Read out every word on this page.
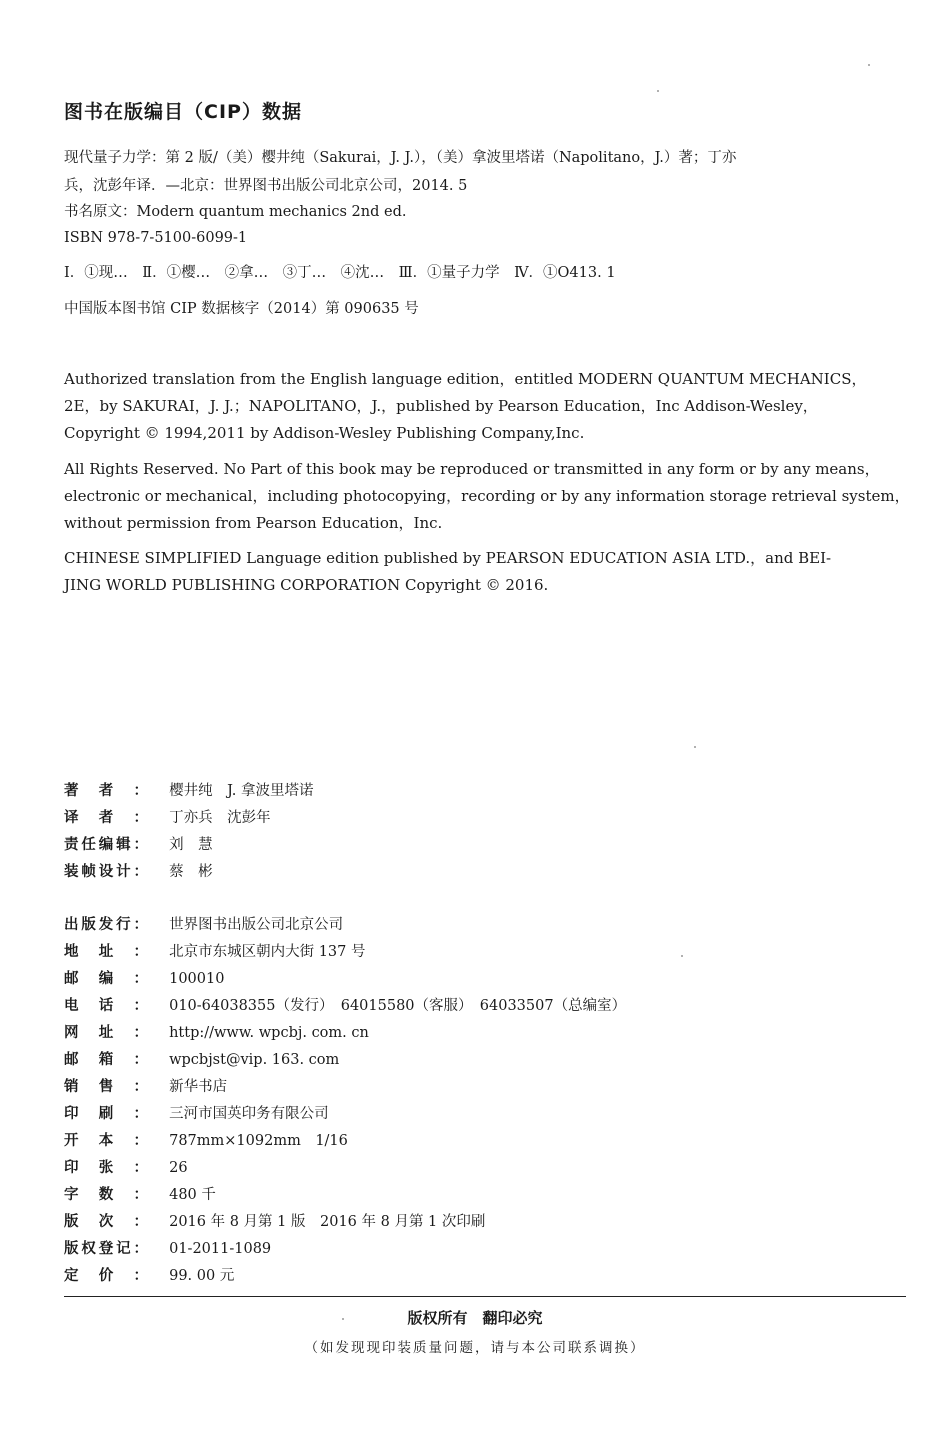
图书在版编目（CIP）数据
现代量子力学：第 2 版/（美）樱井纯（Sakurai，J. J.），（美）拿波里塔诺（Napolitano，J.）著；丁亦
兵，沈彭年译．—北京：世界图书出版公司北京公司，2014. 5
书名原文：Modern quantum mechanics 2nd ed.
ISBN 978-7-5100-6099-1
Ⅰ．①现…　Ⅱ．①樱…　②拿…　③丁…　④沈…　Ⅲ．①量子力学　Ⅳ．①O413. 1
中国版本图书馆 CIP 数据核字（2014）第 090635 号
Authorized translation from the English language edition，entitled MODERN QUANTUM MECHANICS，
2E，by SAKURAI，J. J.；NAPOLITANO，J.，published by Pearson Education，Inc Addison-Wesley，
Copyright © 1994,2011 by Addison-Wesley Publishing Company,Inc.
All Rights Reserved. No Part of this book may be reproduced or transmitted in any form or by any means，
electronic or mechanical，including photocopying，recording or by any information storage retrieval system，
without permission from Pearson Education，Inc.
CHINESE SIMPLIFIED Language edition published by PEARSON EDUCATION ASIA LTD.，and BEI-
JING WORLD PUBLISHING CORPORATION Copyright © 2016.
著者： 樱井纯　J. 拿波里塔诺
译者： 丁亦兵　沈彭年
责任编辑： 刘　慧
装帧设计： 蔡　彬
出版发行： 世界图书出版公司北京公司
地址： 北京市东城区朝内大街 137 号
邮编： 100010
电话： 010-64038355（发行）　64015580（客服）　64033507（总编室）
网址： http://www. wpcbj. com. cn
邮箱： wpcbjst@vip. 163. com
销售： 新华书店
印刷： 三河市国英印务有限公司
开本： 787mm×1092mm　1/16
印张： 26
字数： 480 千
版次： 2016 年 8 月第 1 版　2016 年 8 月第 1 次印刷
版权登记： 01-2011-1089
定价： 99. 00 元
版权所有　翻印必究
（如发现现印装质量问题，请与本公司联系调换）
